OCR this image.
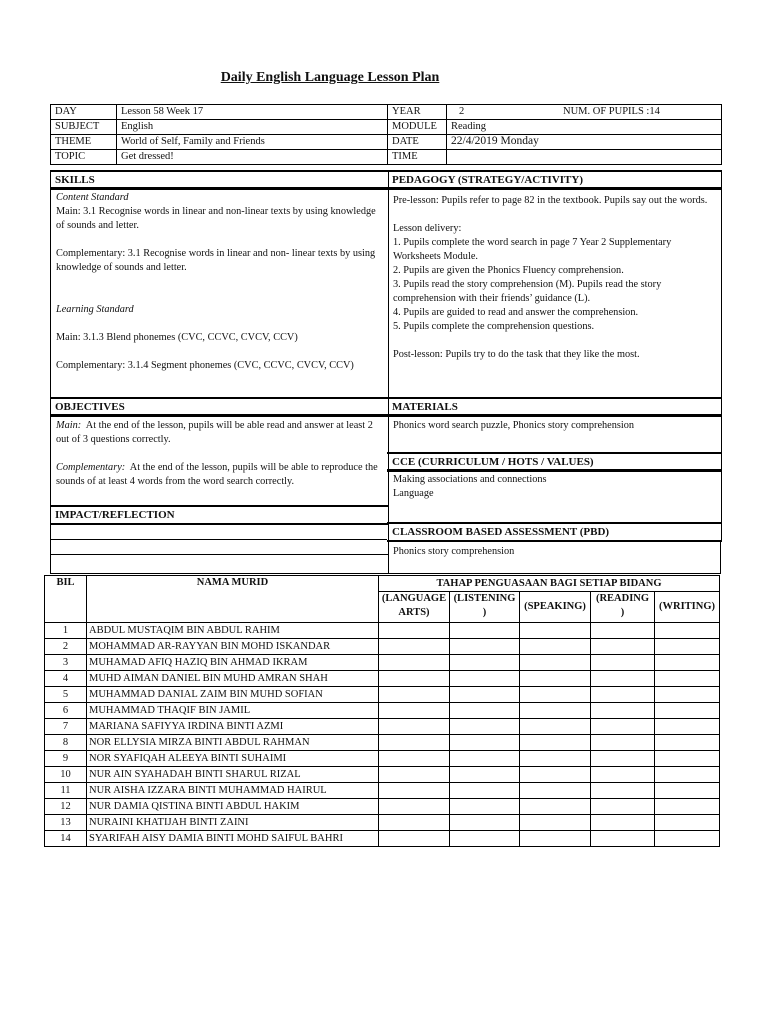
Daily English Language Lesson Plan
DAY	Lesson 58 Week 17	YEAR	2 NUM. OF PUPILS :14

SUBJECT	English	MODULE	Reading
THEME	World of Self, Family and Friends	DATE	22/4/2019 Monday
TOPIC	Get dressed!	TIME	
SKILLS

Content Standard

Main: 3.1 Recognise words in linear and non-linear texts by using knowledge of sounds and letter.

Complementary: 3.1 Recognise words in linear and non- linear texts by using knowledge of sounds and letter.

Learning Standard

Main: 3.1.3 Blend phonemes (CVC, CCVC, CVCV, CCV)

Complementary: 3.1.4 Segment phonemes (CVC, CCVC, CVCV, CCV)

PEDAGOGY (STRATEGY/ACTIVITY)

Pre-lesson: Pupils refer to page 82 in the textbook. Pupils say out the words.

Lesson delivery:

1. Pupils complete the word search in page 7 Year 2 Supplementary Worksheets Module.

2. Pupils are given the Phonics Fluency comprehension.

3. Pupils read the story comprehension (M). Pupils read the story comprehension with their friends’ guidance (L).

4. Pupils are guided to read and answer the comprehension.

5. Pupils complete the comprehension questions.

Post-lesson: Pupils try to do the task that they like the most.

OBJECTIVES

Main: At the end of the lesson, pupils will be able read and answer at least 2 out of 3 questions correctly.

Complementary: At the end of the lesson, pupils will be able to reproduce the sounds of at least 4 words from the word search correctly.

MATERIALS
Phonics word search puzzle, Phonics story comprehension
CCE (CURRICULUM / HOTS / VALUES)

Making associations and connections

Language

IMPACT/REFLECTION
CLASSROOM BASED ASSESSMENT (PBD)
Phonics story comprehension
BIL	NAMA MURID	TAHAP PENGUASAAN BAGI SETIAP BIDANG				
		(LANGUAGE ARTS)	(LISTENING )	(SPEAKING)	(READING )	(WRITING)
1	ABDUL MUSTAQIM BIN ABDUL RAHIM					
2	MOHAMMAD AR-RAYYAN BIN MOHD ISKANDAR					
3	MUHAMAD AFIQ HAZIQ BIN AHMAD IKRAM					
4	MUHD AIMAN DANIEL BIN MUHD AMRAN SHAH					
5	MUHAMMAD DANIAL ZAIM BIN MUHD SOFIAN					
6	MUHAMMAD THAQIF BIN JAMIL					
7	MARIANA SAFIYYA IRDINA BINTI AZMI					
8	NOR ELLYSIA MIRZA BINTI ABDUL RAHMAN					
9	NOR SYAFIQAH ALEEYA BINTI SUHAIMI					
10	NUR AIN SYAHADAH BINTI SHARUL RIZAL					
11	NUR AISHA IZZARA BINTI MUHAMMAD HAIRUL					
12	NUR DAMIA QISTINA BINTI ABDUL HAKIM					
13	NURAINI KHATIJAH BINTI ZAINI					
14	SYARIFAH AISY DAMIA BINTI MOHD SAIFUL BAHRI					
